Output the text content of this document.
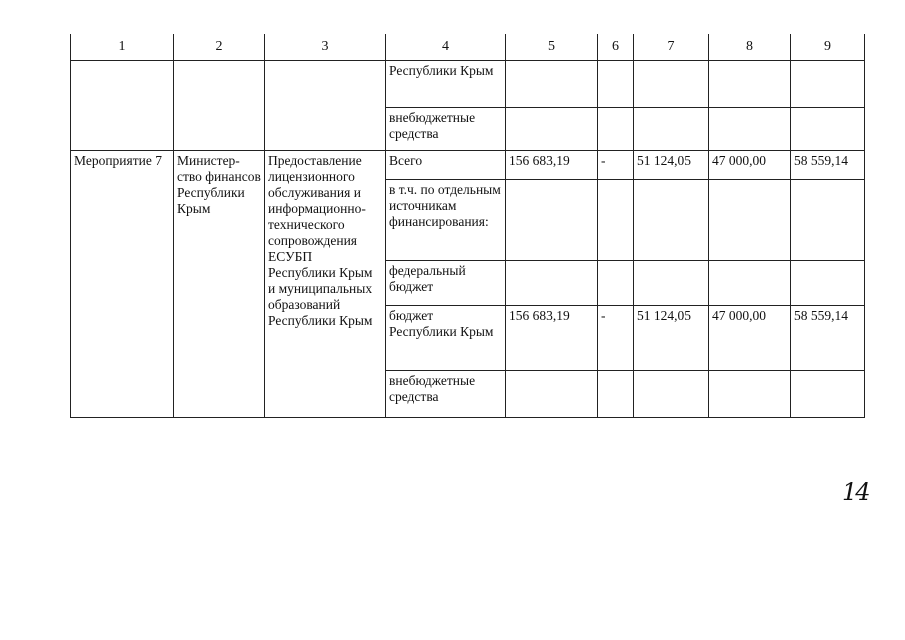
1	2	3	4	5	6	7	8	9
			Республики Крым					
			внебюджетные средства					
Мероприятие 7	Министер-ство финансов Республики Крым	Предоставление лицензионного обслуживания и информационно-технического сопровождения ЕСУБП Республики Крым и муниципальных образований Республики Крым	Всего	156 683,19	-	51 124,05	47 000,00	58 559,14
			в т.ч. по отдельным источникам финансирования:					
			федеральный бюджет					
			бюджет Республики Крым	156 683,19	-	51 124,05	47 000,00	58 559,14
			внебюджетные средства					
14
